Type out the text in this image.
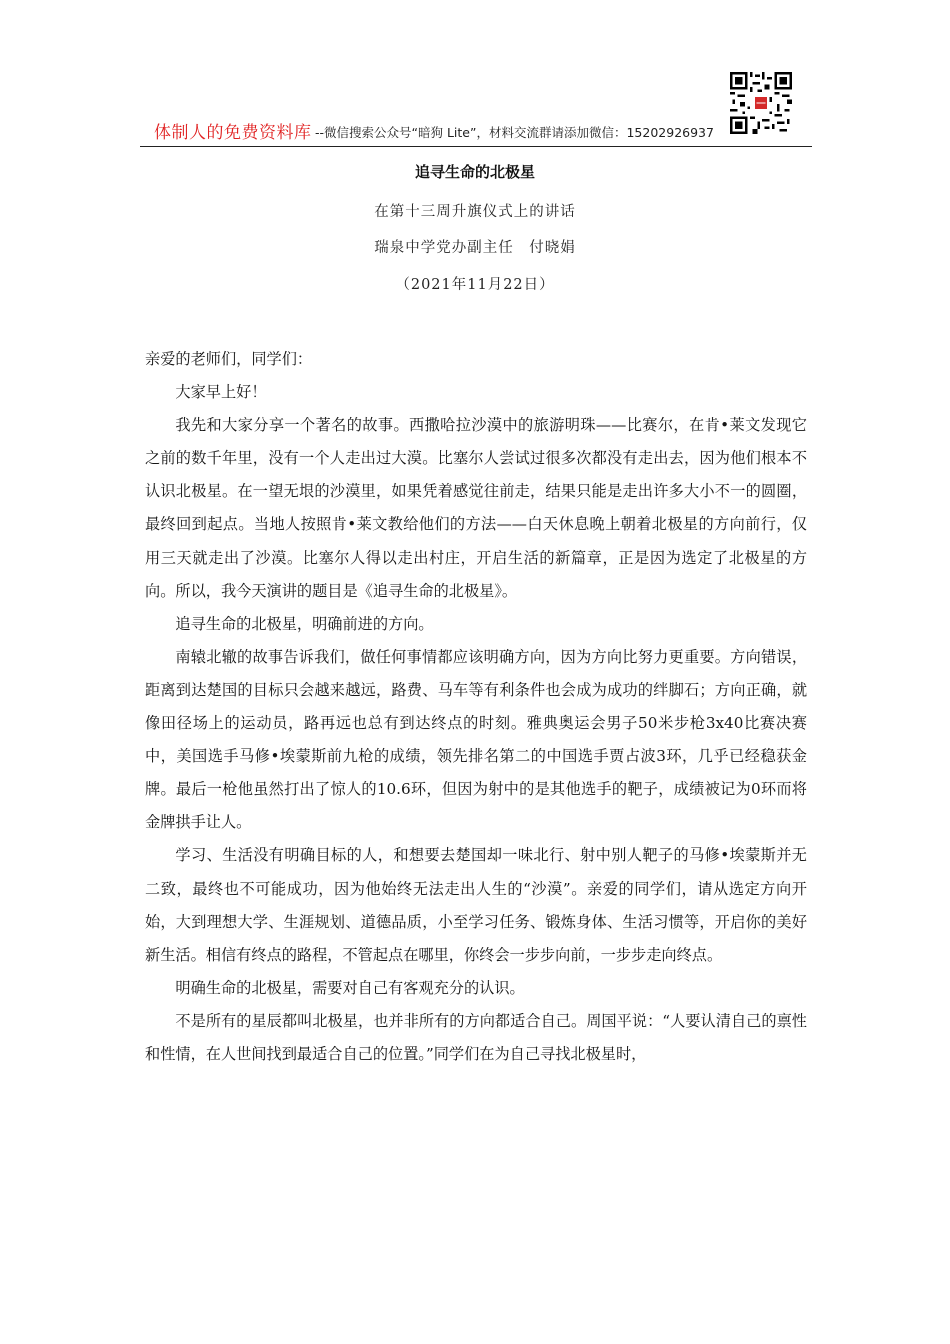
体制人的免费资料库 --微信搜索公众号“暗狗 Lite”，材料交流群请添加微信：15202926937
追寻生命的北极星
在第十三周升旗仪式上的讲话
瑞泉中学党办副主任　付晓娟
（2021年11月22日）

亲爱的老师们，同学们：

大家早上好！

我先和大家分享一个著名的故事。西撒哈拉沙漠中的旅游明珠——比赛尔，在肯•莱文发现它之前的数千年里，没有一个人走出过大漠。比塞尔人尝试过很多次都没有走出去，因为他们根本不认识北极星。在一望无垠的沙漠里，如果凭着感觉往前走，结果只能是走出许多大小不一的圆圈，最终回到起点。当地人按照肯•莱文教给他们的方法——白天休息晚上朝着北极星的方向前行，仅用三天就走出了沙漠。比塞尔人得以走出村庄，开启生活的新篇章，正是因为选定了北极星的方向。所以，我今天演讲的题目是《追寻生命的北极星》。

追寻生命的北极星，明确前进的方向。

南辕北辙的故事告诉我们，做任何事情都应该明确方向，因为方向比努力更重要。方向错误，距离到达楚国的目标只会越来越远，路费、马车等有利条件也会成为成功的绊脚石；方向正确，就像田径场上的运动员，路再远也总有到达终点的时刻。雅典奥运会男子50米步枪3x40比赛决赛中，美国选手马修•埃蒙斯前九枪的成绩，领先排名第二的中国选手贾占波3环，几乎已经稳获金牌。最后一枪他虽然打出了惊人的10.6环，但因为射中的是其他选手的靶子，成绩被记为0环而将金牌拱手让人。

学习、生活没有明确目标的人，和想要去楚国却一味北行、射中别人靶子的马修•埃蒙斯并无二致，最终也不可能成功，因为他始终无法走出人生的“沙漠”。亲爱的同学们，请从选定方向开始，大到理想大学、生涯规划、道德品质，小至学习任务、锻炼身体、生活习惯等，开启你的美好新生活。相信有终点的路程，不管起点在哪里，你终会一步步向前，一步步走向终点。

明确生命的北极星，需要对自己有客观充分的认识。

不是所有的星辰都叫北极星，也并非所有的方向都适合自己。周国平说：“人要认清自己的禀性和性情，在人世间找到最适合自己的位置。”同学们在为自己寻找北极星时，
